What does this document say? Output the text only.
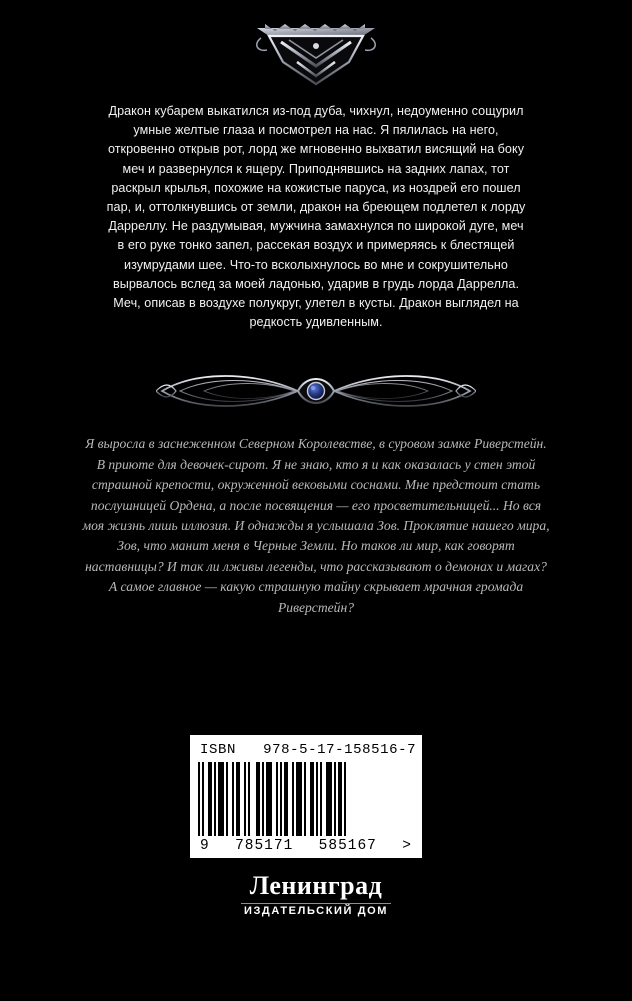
Дракон кубарем выкатился из-под дуба, чихнул, недоуменно сощурил умные желтые глаза и посмотрел на нас. Я пялилась на него, откровенно открыв рот, лорд же мгновенно выхватил висящий на боку меч и развернулся к ящеру. Приподнявшись на задних лапах, тот раскрыл крылья, похожие на кожистые паруса, из ноздрей его пошел пар, и, оттолкнувшись от земли, дракон на бреющем подлетел к лорду Дарреллу. Не раздумывая, мужчина замахнулся по широкой дуге, меч в его руке тонко запел, рассекая воздух и примеряясь к блестящей изумрудами шее. Что-то всколыхнулось во мне и сокрушительно вырвалось вслед за моей ладонью, ударив в грудь лорда Даррелла. Меч, описав в воздухе полукруг, улетел в кусты. Дракон выглядел на редкость удивленным.

Я выросла в заснеженном Северном Королевстве, в суровом замке Риверстейн. В приюте для девочек-сирот. Я не знаю, кто я и как оказалась у стен этой страшной крепости, окруженной вековыми соснами. Мне предстоит стать послушницей Ордена, а после посвящения — его просветительницей... Но вся моя жизнь лишь иллюзия. И однажды я услышала Зов. Проклятие нашего мира, Зов, что манит меня в Черные Земли. Но таков ли мир, как говорят наставницы? И так ли лживы легенды, что рассказывают о демонах и магах? А самое главное — какую страшную тайну скрывает мрачная громада Риверстейн?

ISBN 978-5-17-158516-7
9 785171 585167 >
Ленинград
ИЗДАТЕЛЬСКИЙ ДОМ
